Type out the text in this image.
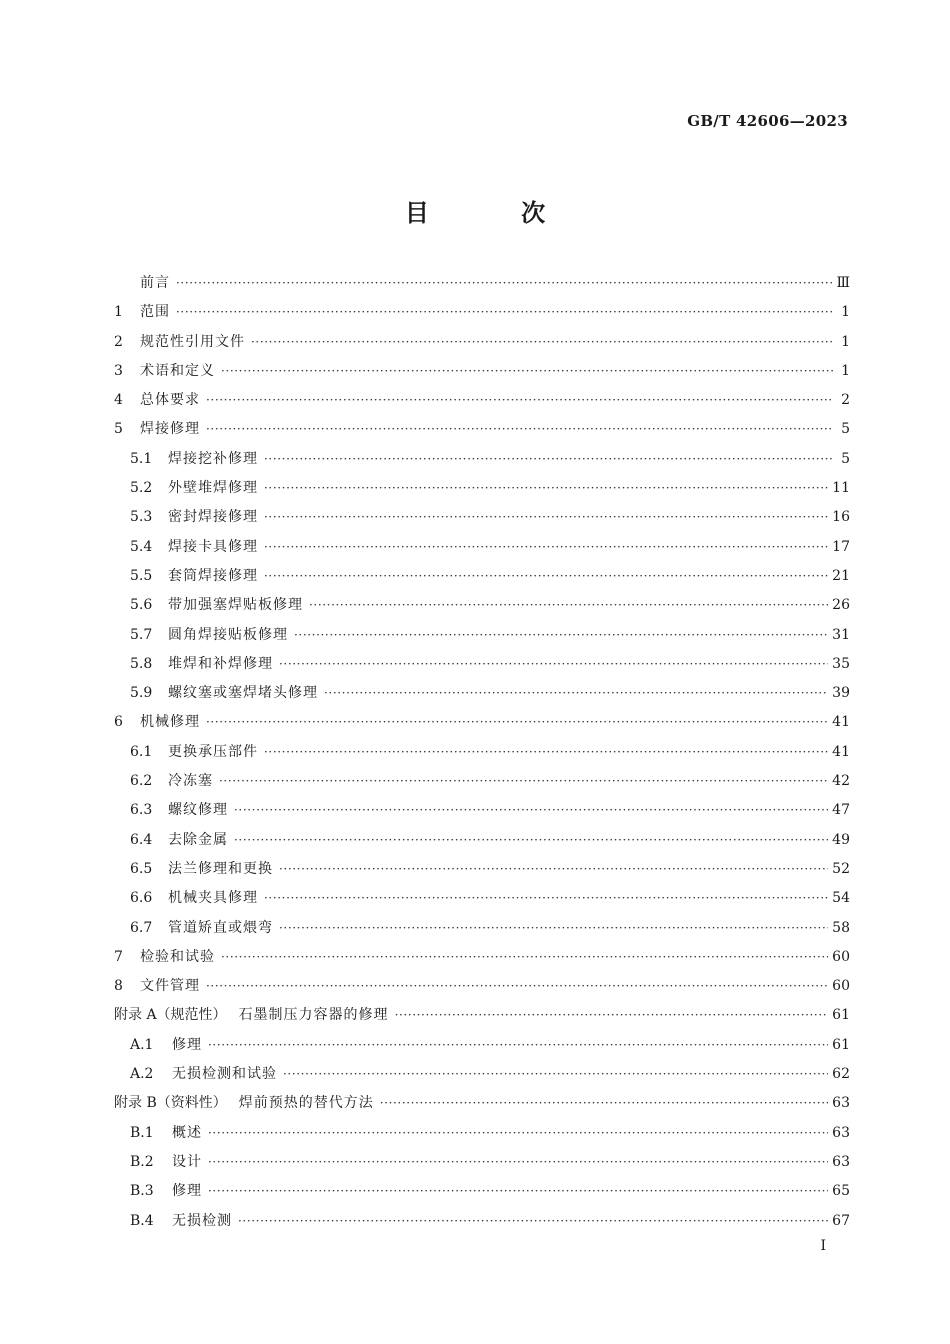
GB/T 42606—2023
目 次
前言 ·····	Ⅲ
1	范围 ·····	1
2	规范性引用文件 ·····	1
3	术语和定义 ·····	1
4	总体要求 ·····	2
5	焊接修理 ·····	5
5.1	焊接挖补修理 ·····	5
5.2	外壁堆焊修理 ·····	11
5.3	密封焊接修理 ·····	16
5.4	焊接卡具修理 ·····	17
5.5	套筒焊接修理 ·····	21
5.6	带加强塞焊贴板修理 ·····	26
5.7	圆角焊接贴板修理 ·····	31
5.8	堆焊和补焊修理 ·····	35
5.9	螺纹塞或塞焊堵头修理 ·····	39
6	机械修理 ·····	41
6.1	更换承压部件 ·····	41
6.2	冷冻塞 ·····	42
6.3	螺纹修理 ·····	47
6.4	去除金属 ·····	49
6.5	法兰修理和更换 ·····	52
6.6	机械夹具修理 ·····	54
6.7	管道矫直或煨弯 ·····	58
7	检验和试验 ·····	60
8	文件管理 ·····	60
附录 A（规范性） 石墨制压力容器的修理 ·····	61
A.1	修理 ·····	61
A.2	无损检测和试验 ·····	62
附录 B（资料性） 焊前预热的替代方法 ·····	63
B.1	概述 ·····	63
B.2	设计 ·····	63
B.3	修理 ·····	65
B.4	无损检测 ·····	67
I
